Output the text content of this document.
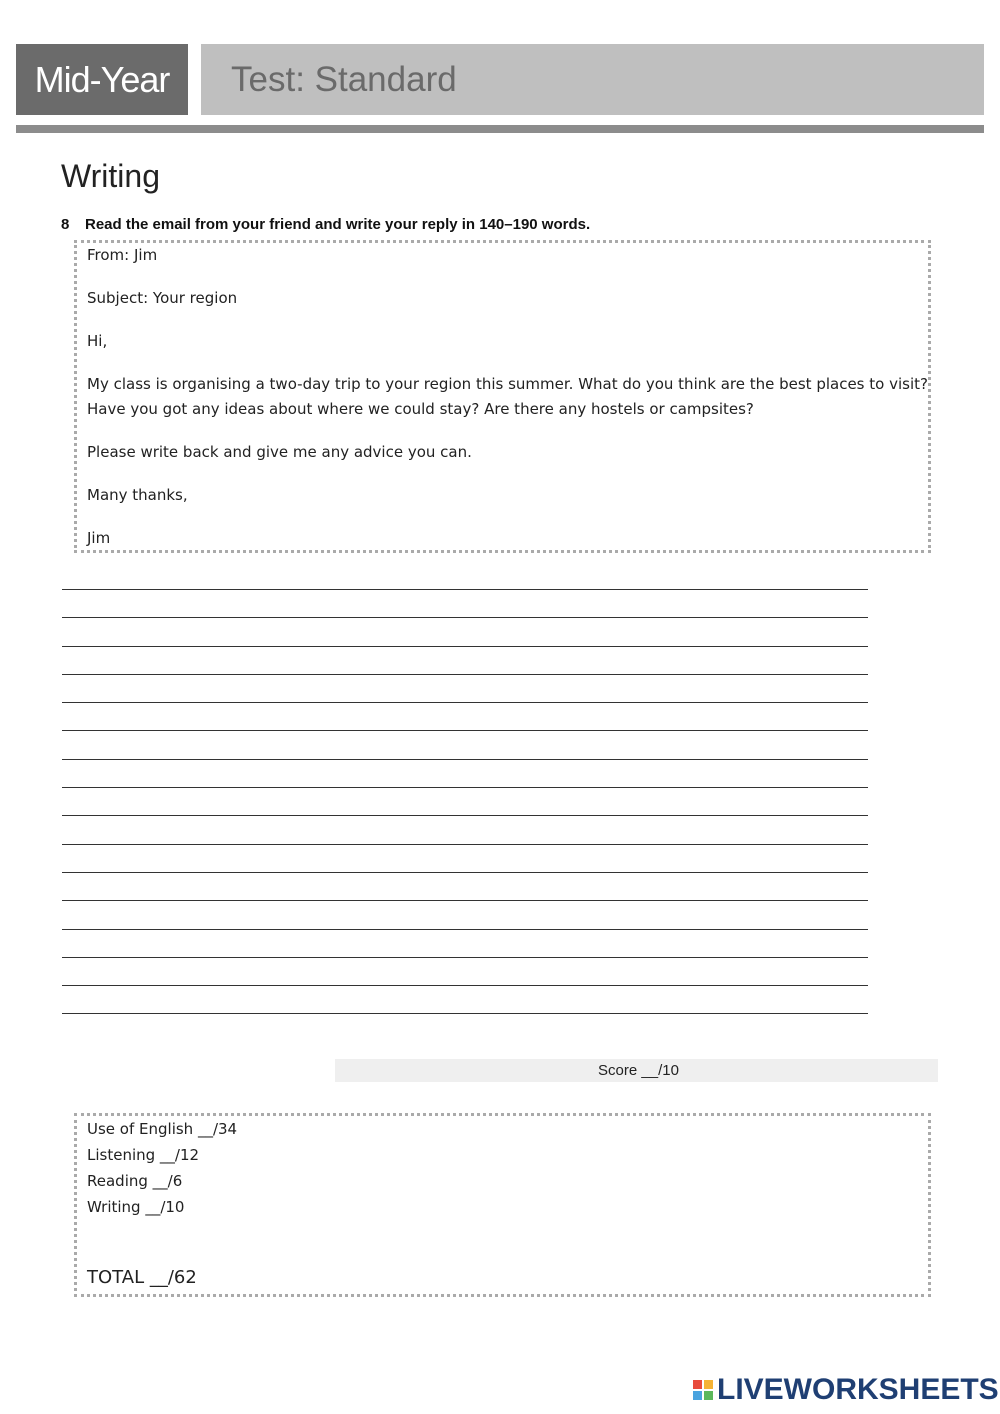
Mid-Year	Test: Standard
Writing
8 Read the email from your friend and write your reply in 140–190 words.
From: Jim
Subject: Your region
Hi,
My class is organising a two-day trip to your region this summer. What do you think are the best places to visit?
Have you got any ideas about where we could stay? Are there any hostels or campsites?
Please write back and give me any advice you can.
Many thanks,
Jim
Score __/10
Use of English __/34
Listening __/12
Reading __/6
Writing __/10
TOTAL __/62
LIVEWORKSHEETS
